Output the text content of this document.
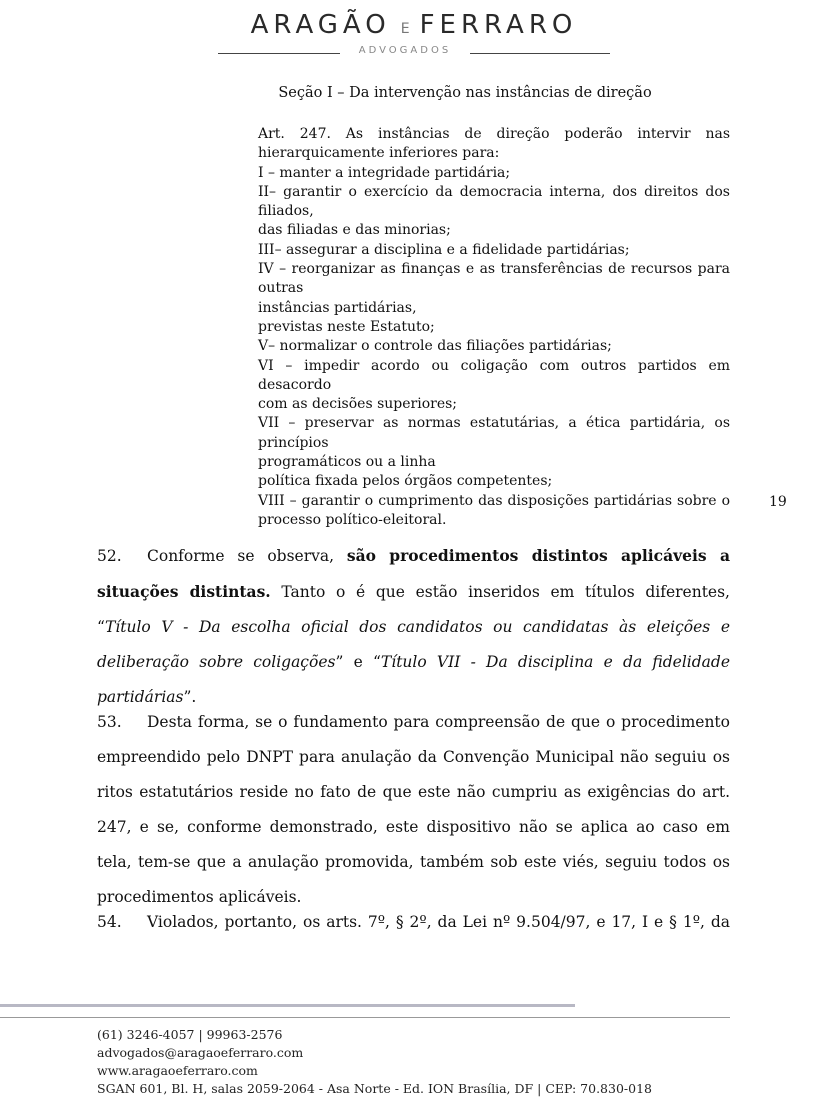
ARAGÃO E FERRARO
ADVOGADOS
Seção I – Da intervenção nas instâncias de direção
Art. 247. As instâncias de direção poderão intervir nas
hierarquicamente inferiores para:
I – manter a integridade partidária;
II– garantir o exercício da democracia interna, dos direitos dos filiados,
das filiadas e das minorias;
III– assegurar a disciplina e a fidelidade partidárias;
IV – reorganizar as finanças e as transferências de recursos para outras
instâncias partidárias,
previstas neste Estatuto;
V– normalizar o controle das filiações partidárias;
VI – impedir acordo ou coligação com outros partidos em desacordo
com as decisões superiores;
VII – preservar as normas estatutárias, a ética partidária, os princípios
programáticos ou a linha
política fixada pelos órgãos competentes;
VIII – garantir o cumprimento das disposições partidárias sobre o
processo político-eleitoral.
19
52. Conforme se observa, são procedimentos distintos aplicáveis a situações distintas. Tanto o é que estão inseridos em títulos diferentes, “Título V - Da escolha oficial dos candidatos ou candidatas às eleições e deliberação sobre coligações” e “Título VII - Da disciplina e da fidelidade partidárias”.
53. Desta forma, se o fundamento para compreensão de que o procedimento empreendido pelo DNPT para anulação da Convenção Municipal não seguiu os ritos estatutários reside no fato de que este não cumpriu as exigências do art. 247, e se, conforme demonstrado, este dispositivo não se aplica ao caso em tela, tem-se que a anulação promovida, também sob este viés, seguiu todos os procedimentos aplicáveis.
54. Violados, portanto, os arts. 7º, § 2º, da Lei nº 9.504/97, e 17, I e § 1º, da
(61) 3246-4057 | 99963-2576
advogados@aragaoeferraro.com
www.aragaoeferraro.com
SGAN 601, Bl. H, salas 2059-2064 - Asa Norte - Ed. ION Brasília, DF | CEP: 70.830-018
